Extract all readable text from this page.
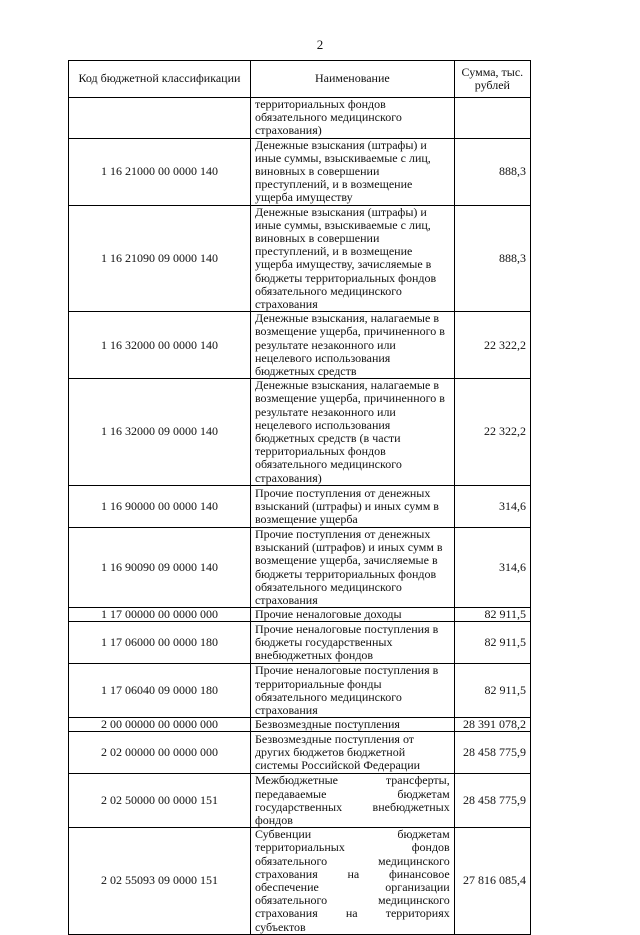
2
Код бюджетной классификации	Наименование	Сумма, тыс. рублей
	территориальных фондов обязательного медицинского страхования)	
1 16 21000 00 0000 140	Денежные взыскания (штрафы) и иные суммы, взыскиваемые с лиц, виновных в совершении преступлений, и в возмещение ущерба имуществу	888,3
1 16 21090 09 0000 140	Денежные взыскания (штрафы) и иные суммы, взыскиваемые с лиц, виновных в совершении преступлений, и в возмещение ущерба имуществу, зачисляемые в бюджеты территориальных фондов обязательного медицинского страхования	888,3
1 16 32000 00 0000 140	Денежные взыскания, налагаемые в возмещение ущерба, причиненного в результате незаконного или нецелевого использования бюджетных средств	22 322,2
1 16 32000 09 0000 140	Денежные взыскания, налагаемые в возмещение ущерба, причиненного в результате незаконного или нецелевого использования бюджетных средств (в части территориальных фондов обязательного медицинского страхования)	22 322,2
1 16 90000 00 0000 140	Прочие поступления от денежных взысканий (штрафы) и иных сумм в возмещение ущерба	314,6
1 16 90090 09 0000 140	Прочие поступления от денежных взысканий (штрафов) и иных сумм в возмещение ущерба, зачисляемые в бюджеты территориальных фондов обязательного медицинского страхования	314,6
1 17 00000 00 0000 000	Прочие неналоговые доходы	82 911,5
1 17 06000 00 0000 180	Прочие неналоговые поступления в бюджеты государственных внебюджетных фондов	82 911,5
1 17 06040 09 0000 180	Прочие неналоговые поступления в территориальные фонды обязательного медицинского страхования	82 911,5
2 00 00000 00 0000 000	Безвозмездные поступления	28 391 078,2
2 02 00000 00 0000 000	Безвозмездные поступления от других бюджетов бюджетной системы Российской Федерации	28 458 775,9
2 02 50000 00 0000 151	Межбюджетные трансферты, передаваемые бюджетам государственных внебюджетных фондов	28 458 775,9
2 02 55093 09 0000 151	Субвенции бюджетам территориальных фондов обязательного медицинского страхования на финансовое обеспечение организации обязательного медицинского страхования на территориях субъектов	27 816 085,4
